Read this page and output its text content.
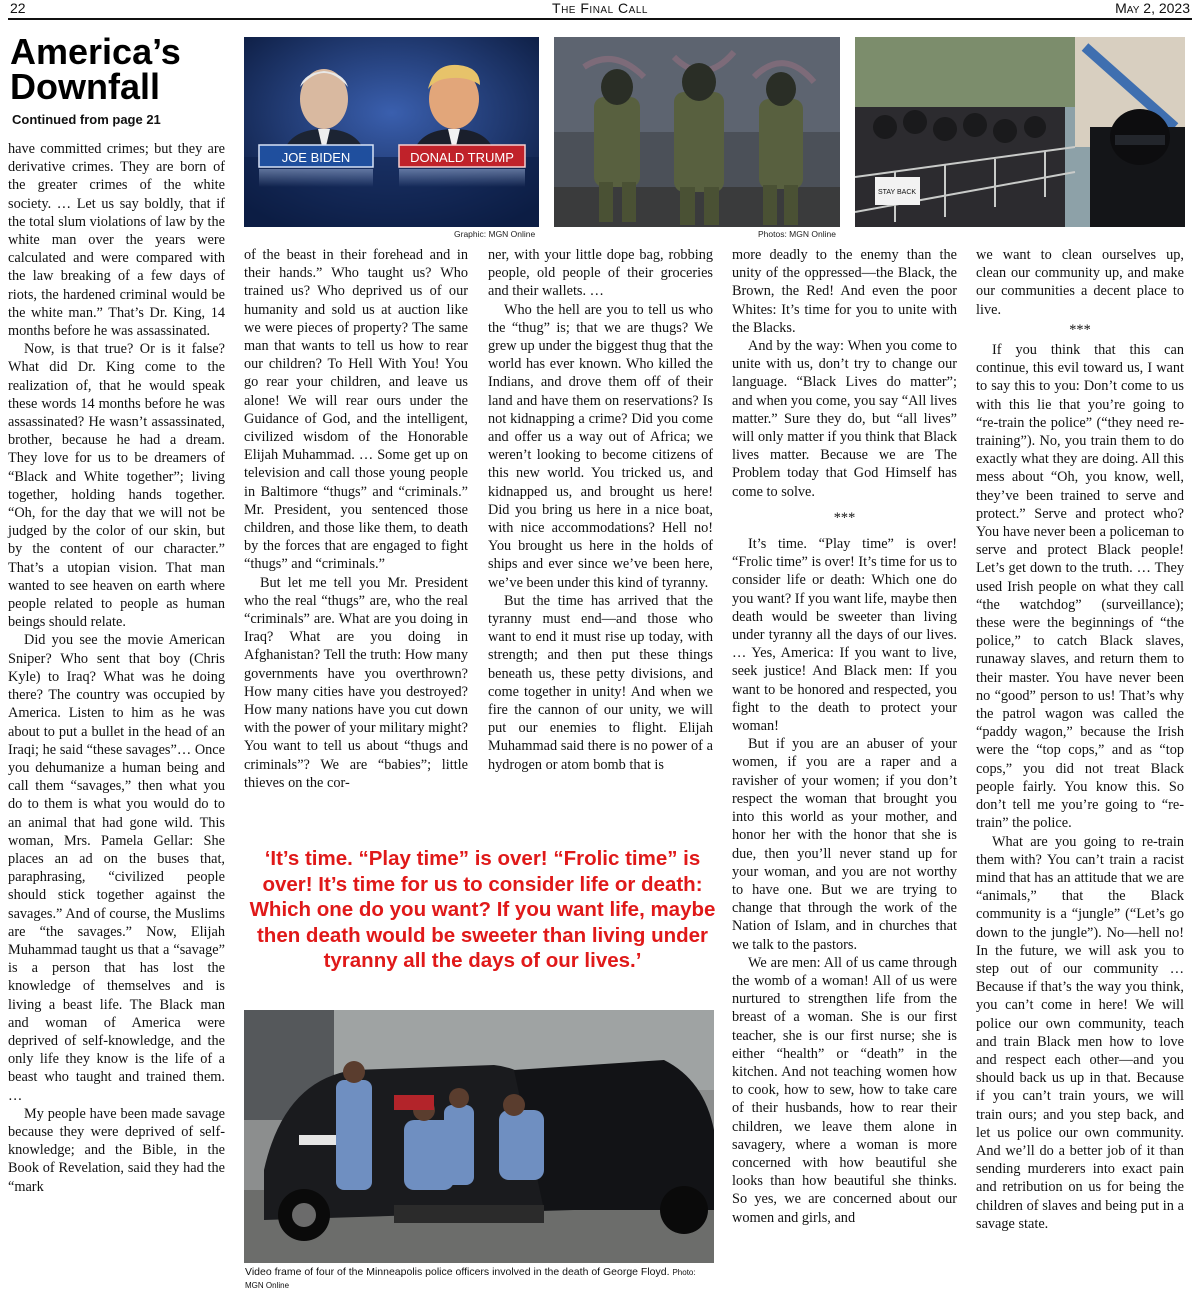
22	The Final Call	May 2, 2023
America’s Downfall
Continued from page 21
JOE BIDEN	DONALD TRUMP
Graphic: MGN Online
STAY BACK
Photos: MGN Online

have committed crimes; but they are derivative crimes. They are born of the greater crimes of the white society. … Let us say boldly, that if the total slum violations of law by the white man over the years were calculated and were compared with the law breaking of a few days of riots, the hardened criminal would be the white man.” That’s Dr. King, 14 months before he was assassinated.

Now, is that true? Or is it false? What did Dr. King come to the realization of, that he would speak these words 14 months before he was assassinated? He wasn’t assassinated, brother, because he had a dream. They love for us to be dreamers of “Black and White together”; living together, holding hands together. “Oh, for the day that we will not be judged by the color of our skin, but by the content of our character.” That’s a utopian vision. That man wanted to see heaven on earth where people related to people as human beings should relate.

Did you see the movie American Sniper? Who sent that boy (Chris Kyle) to Iraq? What was he doing there? The country was occupied by America. Listen to him as he was about to put a bullet in the head of an Iraqi; he said “these savages”… Once you dehumanize a human being and call them “savages,” then what you do to them is what you would do to an animal that had gone wild. This woman, Mrs. Pamela Gellar: She places an ad on the buses that, paraphrasing, “civilized people should stick together against the savages.” And of course, the Muslims are “the savages.” Now, Elijah Muhammad taught us that a “savage” is a person that has lost the knowledge of themselves and is living a beast life. The Black man and woman of America were deprived of self-knowledge, and the only life they know is the life of a beast who taught and trained them. …

My people have been made savage because they were deprived of self-knowledge; and the Bible, in the Book of Revelation, said they had the “mark

of the beast in their forehead and in their hands.” Who taught us? Who trained us? Who deprived us of our humanity and sold us at auction like we were pieces of property? The same man that wants to tell us how to rear our children? To Hell With You! You go rear your children, and leave us alone! We will rear ours under the Guidance of God, and the intelligent, civilized wisdom of the Honorable Elijah Muhammad. … Some get up on television and call those young people in Baltimore “thugs” and “criminals.” Mr. President, you sentenced those children, and those like them, to death by the forces that are engaged to fight “thugs” and “criminals.”

But let me tell you Mr. President who the real “thugs” are, who the real “criminals” are. What are you doing in Iraq? What are you doing in Afghanistan? Tell the truth: How many governments have you overthrown? How many cities have you destroyed? How many nations have you cut down with the power of your military might? You want to tell us about “thugs and criminals”? We are “babies”; little thieves on the cor-

ner, with your little dope bag, robbing people, old people of their groceries and their wallets. …

Who the hell are you to tell us who the “thug” is; that we are thugs? We grew up under the biggest thug that the world has ever known. Who killed the Indians, and drove them off of their land and have them on reservations? Is not kidnapping a crime? Did you come and offer us a way out of Africa; we weren’t looking to become citizens of this new world. You tricked us, and kidnapped us, and brought us here! Did you bring us here in a nice boat, with nice accommodations? Hell no! You brought us here in the holds of ships and ever since we’ve been here, we’ve been under this kind of tyranny.

But the time has arrived that the tyranny must end—and those who want to end it must rise up today, with strength; and then put these things beneath us, these petty divisions, and come together in unity! And when we fire the cannon of our unity, we will put our enemies to flight. Elijah Muhammad said there is no power of a hydrogen or atom bomb that is

‘It’s time. “Play time” is over! “Frolic time” is over! It’s time for us to consider life or death: Which one do you want? If you want life, maybe then death would be sweeter than living under tyranny all the days of our lives.’
Video frame of four of the Minneapolis police officers involved in the death of George Floyd. Photo: MGN Online

more deadly to the enemy than the unity of the oppressed—the Black, the Brown, the Red! And even the poor Whites: It’s time for you to unite with the Blacks.

And by the way: When you come to unite with us, don’t try to change our language. “Black Lives do matter”; and when you come, you say “All lives matter.” Sure they do, but “all lives” will only matter if you think that Black lives matter. Because we are The Problem today that God Himself has come to solve.

***

It’s time. “Play time” is over! “Frolic time” is over! It’s time for us to consider life or death: Which one do you want? If you want life, maybe then death would be sweeter than living under tyranny all the days of our lives. … Yes, America: If you want to live, seek justice! And Black men: If you want to be honored and respected, you fight to the death to protect your woman!

But if you are an abuser of your women, if you are a raper and a ravisher of your women; if you don’t respect the woman that brought you into this world as your mother, and honor her with the honor that she is due, then you’ll never stand up for your woman, and you are not worthy to have one. But we are trying to change that through the work of the Nation of Islam, and in churches that we talk to the pastors.

We are men: All of us came through the womb of a woman! All of us were nurtured to strengthen life from the breast of a woman. She is our first teacher, she is our first nurse; she is either “health” or “death” in the kitchen. And not teaching women how to cook, how to sew, how to take care of their husbands, how to rear their children, we leave them alone in savagery, where a woman is more concerned with how beautiful she looks than how beautiful she thinks. So yes, we are concerned about our women and girls, and

we want to clean ourselves up, clean our community up, and make our communities a decent place to live.

***

If you think that this can continue, this evil toward us, I want to say this to you: Don’t come to us with this lie that you’re going to “re-train the police” (“they need re-training”). No, you train them to do exactly what they are doing. All this mess about “Oh, you know, well, they’ve been trained to serve and protect.” Serve and protect who? You have never been a policeman to serve and protect Black people! Let’s get down to the truth. … They used Irish people on what they call “the watchdog” (surveillance); these were the beginnings of “the police,” to catch Black slaves, runaway slaves, and return them to their master. You have never been no “good” person to us! That’s why the patrol wagon was called the “paddy wagon,” because the Irish were the “top cops,” and as “top cops,” you did not treat Black people fairly. You know this. So don’t tell me you’re going to “re-train” the police.

What are you going to re-train them with? You can’t train a racist mind that has an attitude that we are “animals,” that the Black community is a “jungle” (“Let’s go down to the jungle”). No—hell no! In the future, we will ask you to step out of our community … Because if that’s the way you think, you can’t come in here! We will police our own community, teach and train Black men how to love and respect each other—and you should back us up in that. Because if you can’t train yours, we will train ours; and you step back, and let us police our own community. And we’ll do a better job of it than sending murderers into exact pain and retribution on us for being the children of slaves and being put in a savage state.
